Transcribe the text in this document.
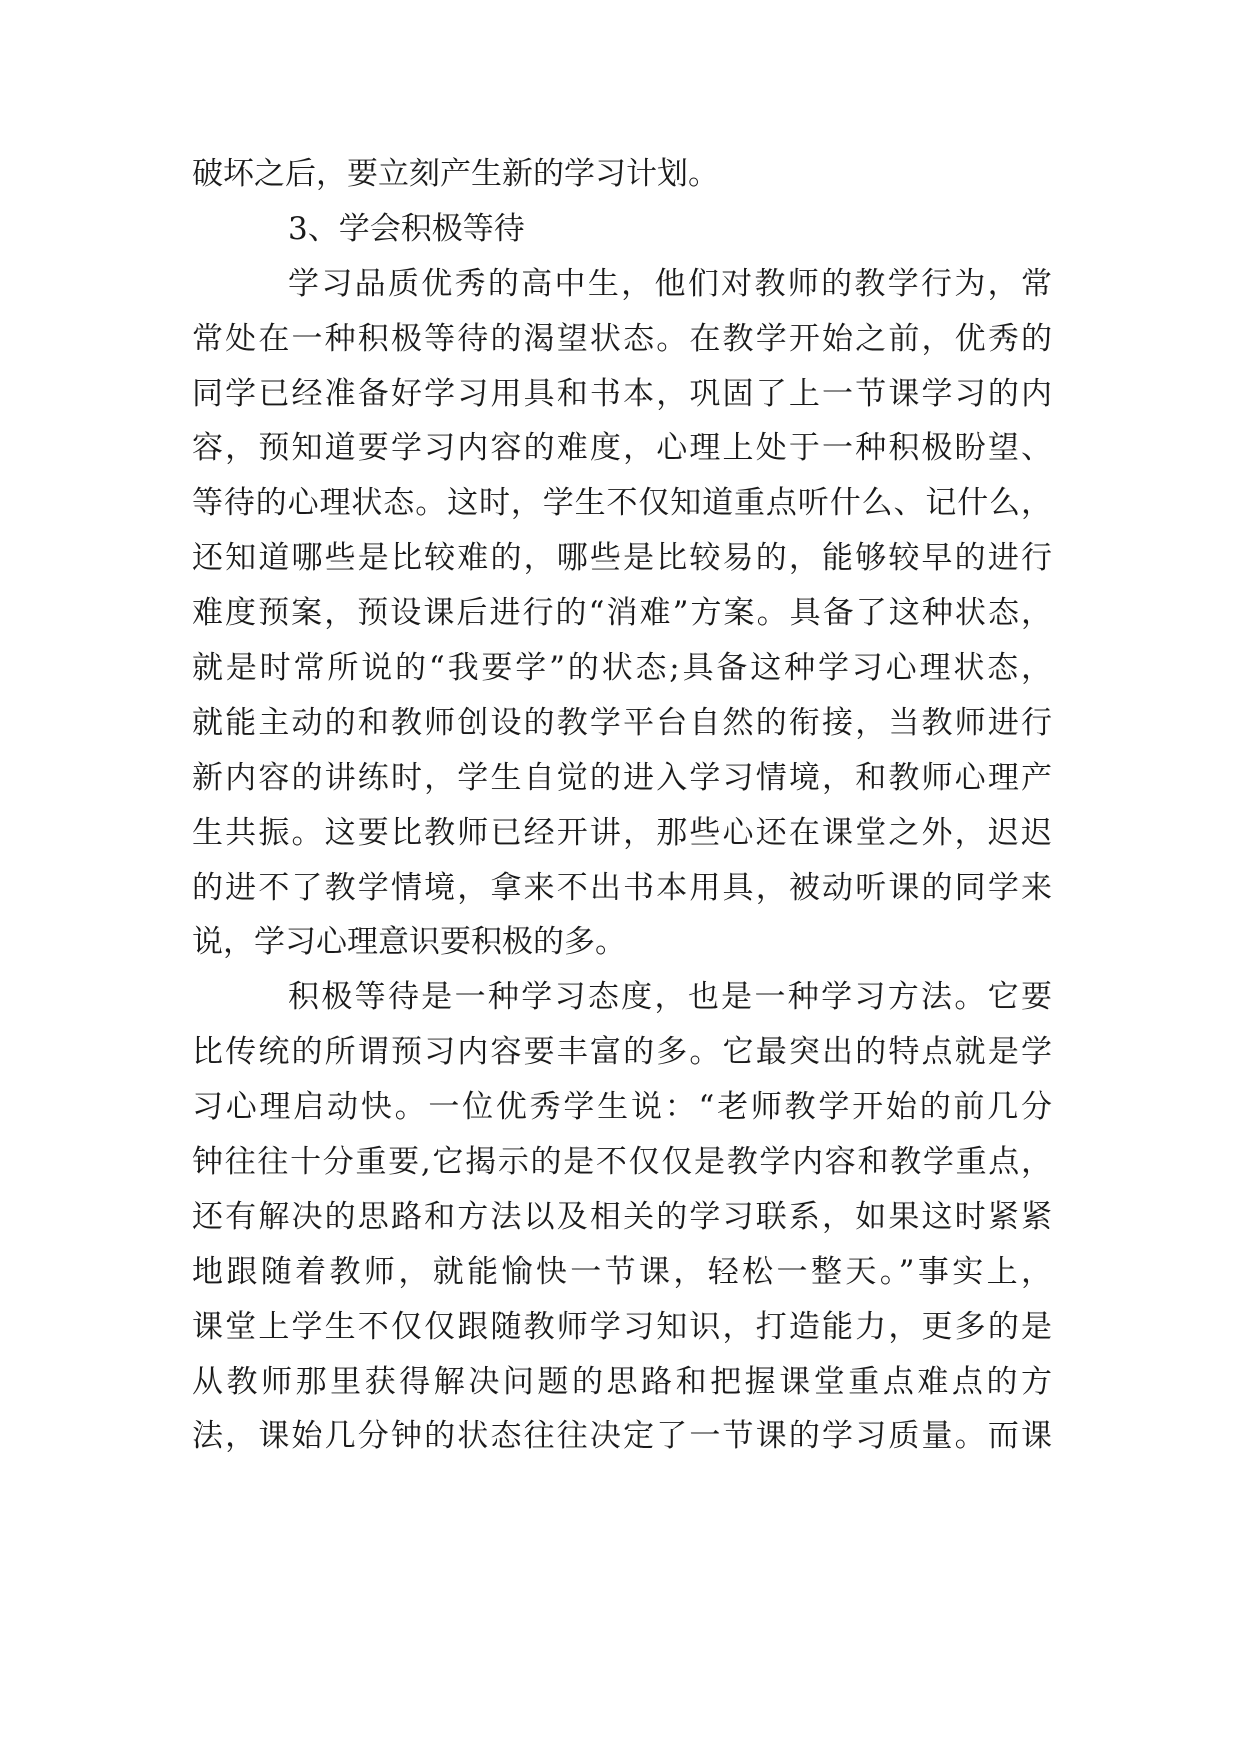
破坏之后，要立刻产生新的学习计划。
3、学会积极等待
学习品质优秀的高中生，他们对教师的教学行为，常
常处在一种积极等待的渴望状态。在教学开始之前，优秀的
同学已经准备好学习用具和书本，巩固了上一节课学习的内
容，预知道要学习内容的难度，心理上处于一种积极盼望、
等待的心理状态。这时，学生不仅知道重点听什么、记什么，
还知道哪些是比较难的，哪些是比较易的，能够较早的进行
难度预案，预设课后进行的“消难”方案。具备了这种状态，
就是时常所说的“我要学”的状态;具备这种学习心理状态，
就能主动的和教师创设的教学平台自然的衔接，当教师进行
新内容的讲练时，学生自觉的进入学习情境，和教师心理产
生共振。这要比教师已经开讲，那些心还在课堂之外，迟迟
的进不了教学情境，拿来不出书本用具，被动听课的同学来
说，学习心理意识要积极的多。
积极等待是一种学习态度，也是一种学习方法。它要
比传统的所谓预习内容要丰富的多。它最突出的特点就是学
习心理启动快。一位优秀学生说：“老师教学开始的前几分
钟往往十分重要,它揭示的是不仅仅是教学内容和教学重点，
还有解决的思路和方法以及相关的学习联系，如果这时紧紧
地跟随着教师，就能愉快一节课，轻松一整天。”事实上，
课堂上学生不仅仅跟随教师学习知识，打造能力，更多的是
从教师那里获得解决问题的思路和把握课堂重点难点的方
法，课始几分钟的状态往往决定了一节课的学习质量。而课
